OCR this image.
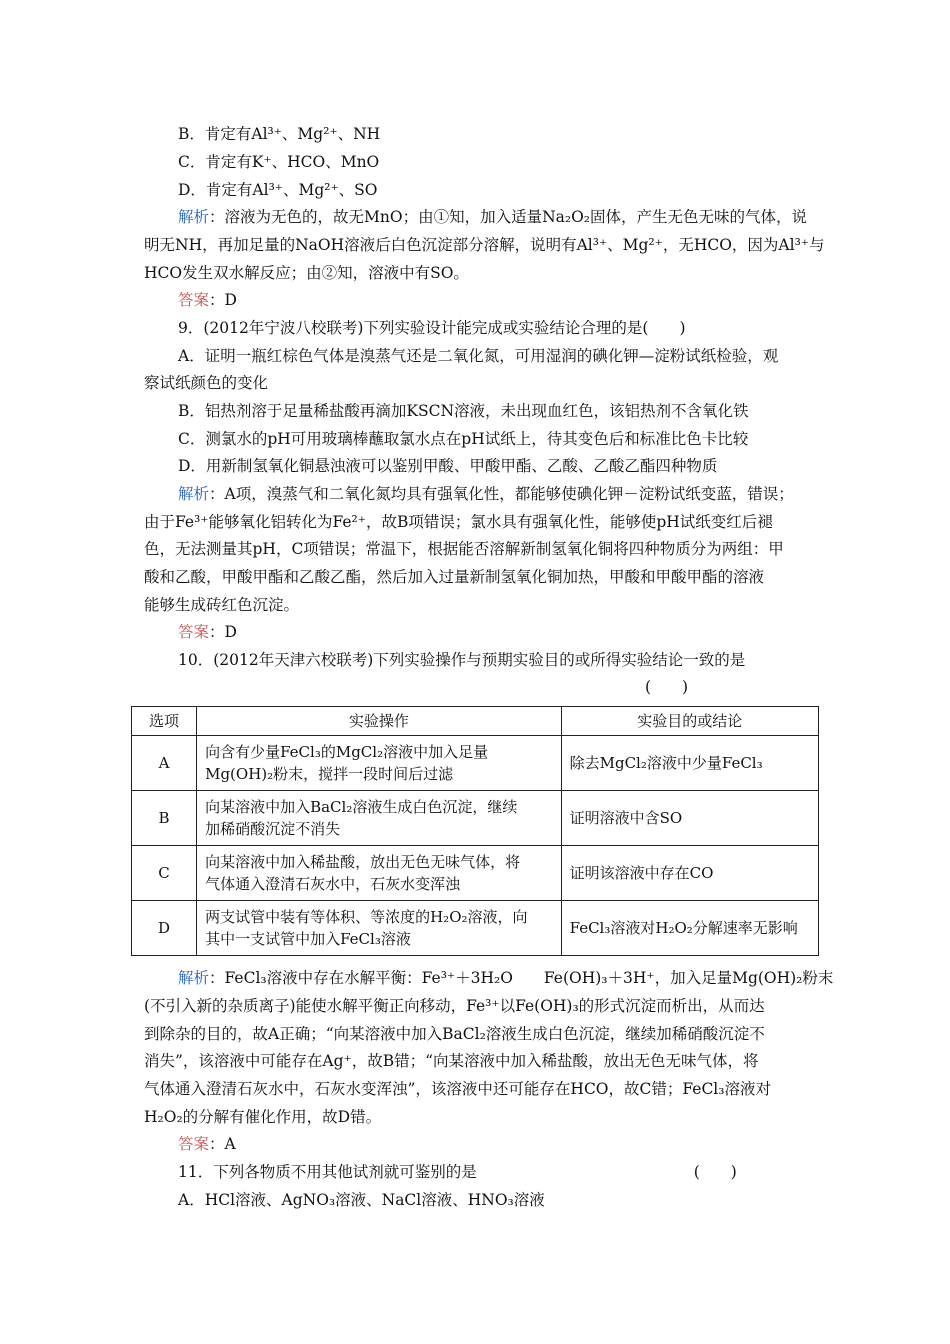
B．肯定有Al³⁺、Mg²⁺、NH
C．肯定有K⁺、HCO、MnO
D．肯定有Al³⁺、Mg²⁺、SO
解析：溶液为无色的，故无MnO；由①知，加入适量Na₂O₂固体，产生无色无味的气体，说
明无NH，再加足量的NaOH溶液后白色沉淀部分溶解，说明有Al³⁺、Mg²⁺，无HCO，因为Al³⁺与
HCO发生双水解反应；由②知，溶液中有SO。
答案：D
9．(2012年宁波八校联考)下列实验设计能完成或实验结论合理的是(　　)
A．证明一瓶红棕色气体是溴蒸气还是二氧化氮，可用湿润的碘化钾—淀粉试纸检验，观
察试纸颜色的变化
B．铝热剂溶于足量稀盐酸再滴加KSCN溶液，未出现血红色，该铝热剂不含氧化铁
C．测氯水的pH可用玻璃棒蘸取氯水点在pH试纸上，待其变色后和标准比色卡比较
D．用新制氢氧化铜悬浊液可以鉴别甲酸、甲酸甲酯、乙酸、乙酸乙酯四种物质
解析：A项，溴蒸气和二氧化氮均具有强氧化性，都能够使碘化钾－淀粉试纸变蓝，错误；
由于Fe³⁺能够氧化铝转化为Fe²⁺，故B项错误；氯水具有强氧化性，能够使pH试纸变红后褪
色，无法测量其pH，C项错误；常温下，根据能否溶解新制氢氧化铜将四种物质分为两组：甲
酸和乙酸，甲酸甲酯和乙酸乙酯，然后加入过量新制氢氧化铜加热，甲酸和甲酸甲酯的溶液
能够生成砖红色沉淀。
答案：D
10．(2012年天津六校联考)下列实验操作与预期实验目的或所得实验结论一致的是
(　　)
解析：FeCl₃溶液中存在水解平衡：Fe³⁺＋3H₂O　　Fe(OH)₃＋3H⁺，加入足量Mg(OH)₂粉末
(不引入新的杂质离子)能使水解平衡正向移动，Fe³⁺以Fe(OH)₃的形式沉淀而析出，从而达
到除杂的目的，故A正确；“向某溶液中加入BaCl₂溶液生成白色沉淀，继续加稀硝酸沉淀不
消失”，该溶液中可能存在Ag⁺，故B错；“向某溶液中加入稀盐酸，放出无色无味气体，将
气体通入澄清石灰水中，石灰水变浑浊”，该溶液中还可能存在HCO，故C错；FeCl₃溶液对
H₂O₂的分解有催化作用，故D错。
答案：A
11．下列各物质不用其他试剂就可鉴别的是　　　　　　　　　　　　　　(　　)
A．HCl溶液、AgNO₃溶液、NaCl溶液、HNO₃溶液
选项	实验操作	实验目的或结论
A	向含有少量FeCl₃的MgCl₂溶液中加入足量
Mg(OH)₂粉末，搅拌一段时间后过滤	除去MgCl₂溶液中少量FeCl₃
B	向某溶液中加入BaCl₂溶液生成白色沉淀，继续
加稀硝酸沉淀不消失	证明溶液中含SO
C	向某溶液中加入稀盐酸，放出无色无味气体，将
气体通入澄清石灰水中，石灰水变浑浊	证明该溶液中存在CO
D	两支试管中装有等体积、等浓度的H₂O₂溶液，向
其中一支试管中加入FeCl₃溶液	FeCl₃溶液对H₂O₂分解速率无影响
